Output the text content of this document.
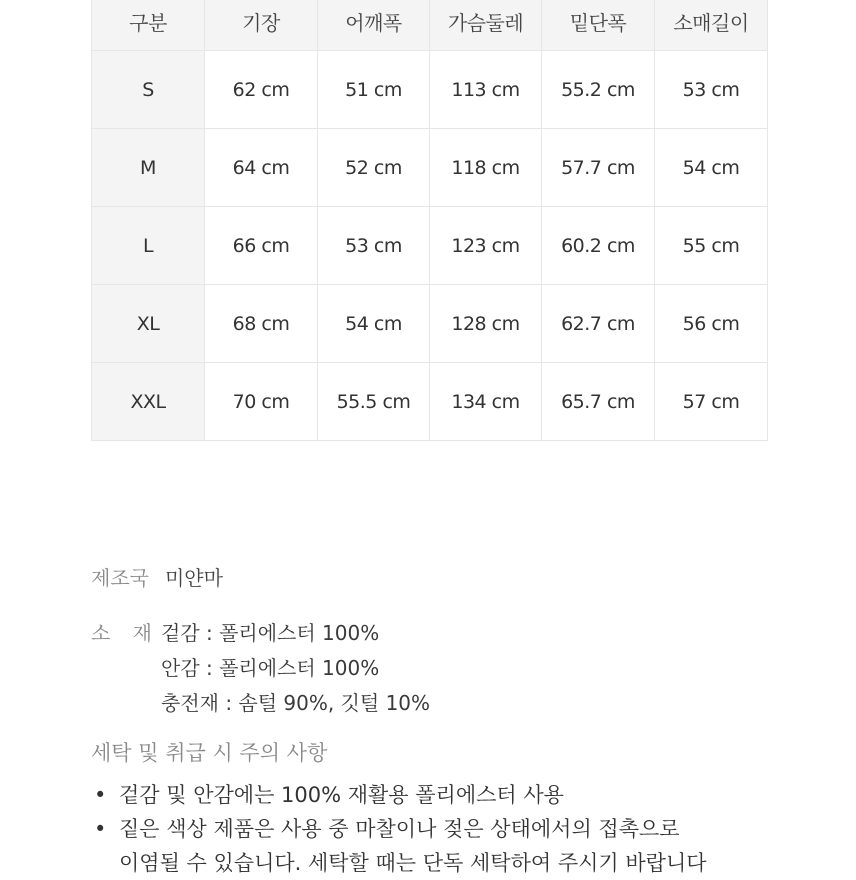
구분	기장	어깨폭	가슴둘레	밑단폭	소매길이
S	62 cm	51 cm	113 cm	55.2 cm	53 cm
M	64 cm	52 cm	118 cm	57.7 cm	54 cm
L	66 cm	53 cm	123 cm	60.2 cm	55 cm
XL	68 cm	54 cm	128 cm	62.7 cm	56 cm
XXL	70 cm	55.5 cm	134 cm	65.7 cm	57 cm
제조국 미얀마
소 재겉감 : 폴리에스터 100%
안감 : 폴리에스터 100%
충전재 : 솜털 90%, 깃털 10%
세탁 및 취급 시 주의 사항
• 겉감 및 안감에는 100% 재활용 폴리에스터 사용
• 짙은 색상 제품은 사용 중 마찰이나 젖은 상태에서의 접촉으로
이염될 수 있습니다. 세탁할 때는 단독 세탁하여 주시기 바랍니다
